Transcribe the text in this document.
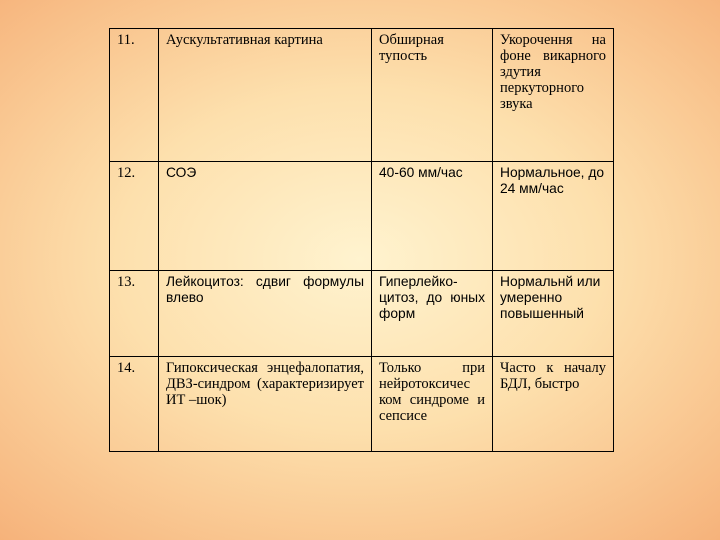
11.	Аускультативная картина	Обширная тупость	Укорочення на фоне викарного здутия перкуторного звука
12.	СОЭ	40-60 мм/час	Нормальное, до 24 мм/час
13.	Лейкоцитоз: сдвиг формулы влево	Гиперлейко-цитоз, до юных форм	Нормальнй или умеренно повышенный
14.	Гипоксическая энцефалопатия, ДВЗ-синдром (характеризирует ИТ –шок)	Только при нейротоксичес ком синдроме и сепсисе	Часто к началу БДЛ, быстро
